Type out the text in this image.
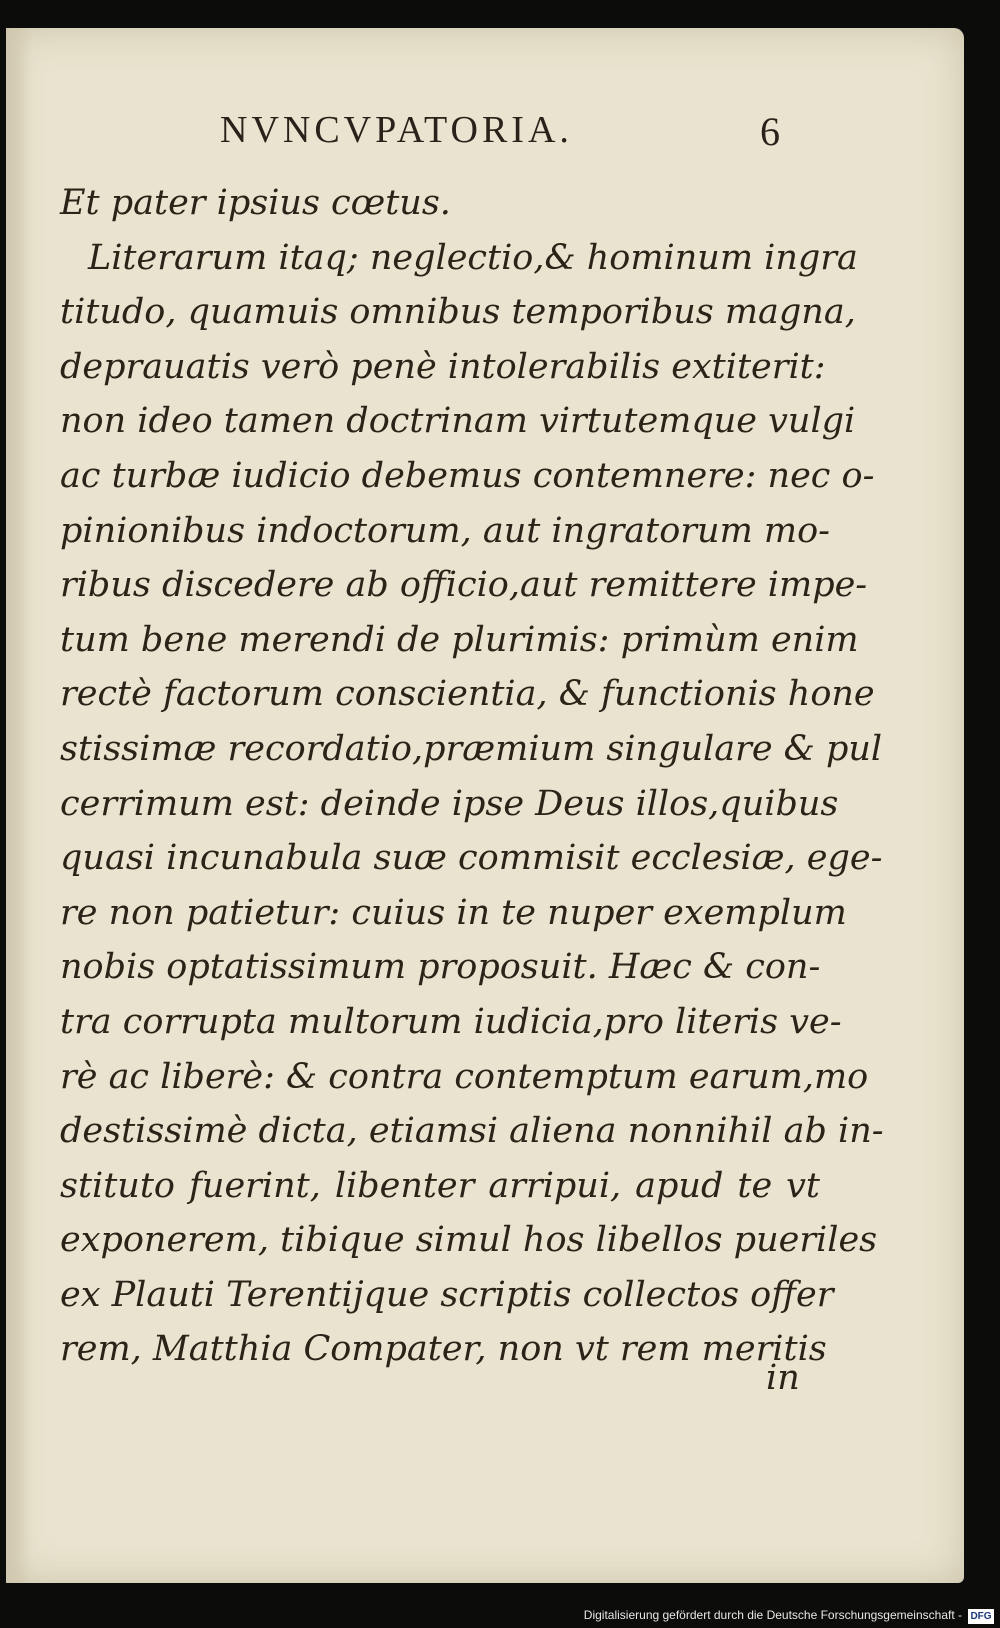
NVNCVPATORIA.	6
Et pater ipsius cœtus.
Literarum itaq; neglectio,& hominum ingra
titudo, quamuis omnibus temporibus magna,
deprauatis verò penè intolerabilis extiterit:
non ideo tamen doctrinam virtutemque vulgi
ac turbæ iudicio debemus contemnere: nec o-
pinionibus indoctorum, aut ingratorum mo-
ribus discedere ab officio,aut remittere impe-
tum bene merendi de plurimis: primùm enim
rectè factorum conscientia, & functionis hone
stissimæ recordatio,præmium singulare & pul
cerrimum est: deinde ipse Deus illos,quibus
quasi incunabula suæ commisit ecclesiæ, ege-
re non patietur: cuius in te nuper exemplum
nobis optatissimum proposuit. Hæc & con-
tra corrupta multorum iudicia,pro literis ve-
rè ac liberè: & contra contemptum earum,mo
destissimè dicta, etiamsi aliena nonnihil ab in-
stituto fuerint, libenter arripui, apud te vt
exponerem, tibique simul hos libellos pueriles
ex Plauti Terentijque scriptis collectos offer
rem, Matthia Compater, non vt rem meritis
in
Digitalisierung gefördert durch die Deutsche Forschungsgemeinschaft - DFG
